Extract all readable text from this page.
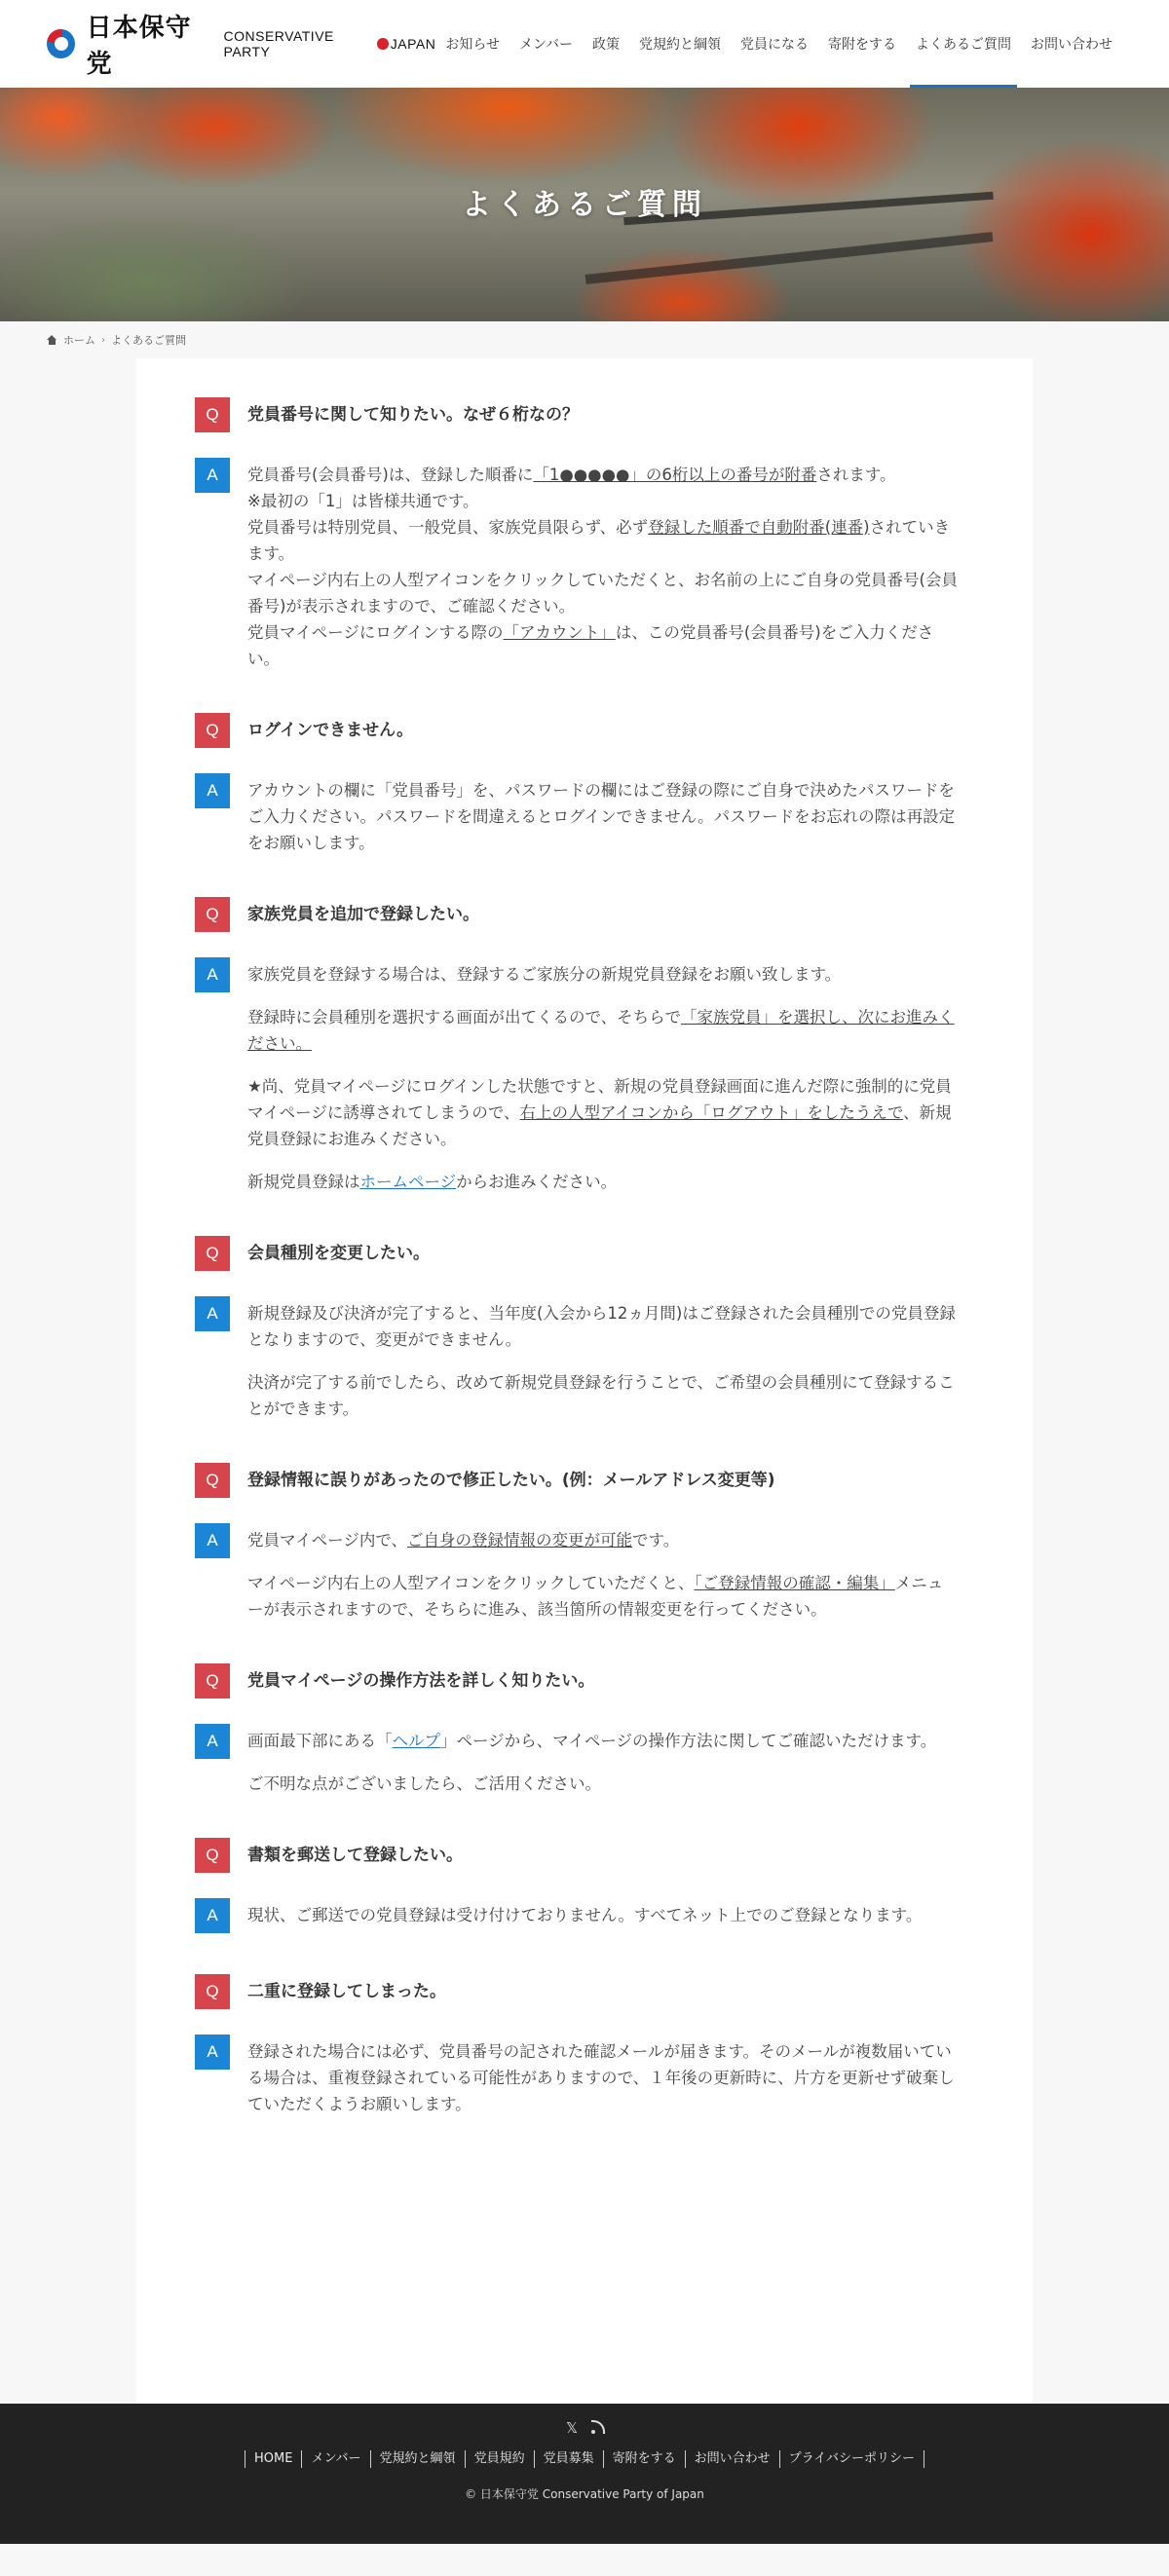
日本保守党
CONSERVATIVE PARTY	JAPAN お知らせ	メンバー	政策	党規約と綱領	党員になる	寄附をする	よくあるご質問	お問い合わせ
よくあるご質問
ホーム › よくあるご質問
Q	党員番号に関して知りたい。なぜ６桁なの？
A	党員番号(会員番号)は、登録した順番に「1●●●●●」の6桁以上の番号が附番されます。

※最初の「1」は皆様共通です。

党員番号は特別党員、一般党員、家族党員限らず、必ず登録した順番で自動附番(連番)されていきます。

マイページ内右上の人型アイコンをクリックしていただくと、お名前の上にご自身の党員番号(会員番号)が表示されますので、ご確認ください。

党員マイページにログインする際の「アカウント」は、この党員番号(会員番号)をご入力ください。

Q	ログインできません。
A	アカウントの欄に「党員番号」を、パスワードの欄にはご登録の際にご自身で決めたパスワードをご入力ください。パスワードを間違えるとログインできません。パスワードをお忘れの際は再設定をお願いします。

Q	家族党員を追加で登録したい。
A	家族党員を登録する場合は、登録するご家族分の新規党員登録をお願い致します。

登録時に会員種別を選択する画面が出てくるので、そちらで「家族党員」を選択し、次にお進みください。

★尚、党員マイページにログインした状態ですと、新規の党員登録画面に進んだ際に強制的に党員マイページに誘導されてしまうので、右上の人型アイコンから「ログアウト」をしたうえで、新規党員登録にお進みください。

新規党員登録はホームページからお進みください。

Q	会員種別を変更したい。
A	新規登録及び決済が完了すると、当年度(入会から12ヵ月間)はご登録された会員種別での党員登録となりますので、変更ができません。

決済が完了する前でしたら、改めて新規党員登録を行うことで、ご希望の会員種別にて登録することができます。

Q	登録情報に誤りがあったので修正したい。(例：メールアドレス変更等)
A	党員マイページ内で、ご自身の登録情報の変更が可能です。

マイページ内右上の人型アイコンをクリックしていただくと、「ご登録情報の確認・編集」メニューが表示されますので、そちらに進み、該当箇所の情報変更を行ってください。

Q	党員マイページの操作方法を詳しく知りたい。
A	画面最下部にある「ヘルプ」ページから、マイページの操作方法に関してご確認いただけます。

ご不明な点がございましたら、ご活用ください。

Q	書類を郵送して登録したい。
A	現状、ご郵送での党員登録は受け付けておりません。すべてネット上でのご登録となります。

Q	二重に登録してしまった。
A	登録された場合には必ず、党員番号の記された確認メールが届きます。そのメールが複数届いている場合は、重複登録されている可能性がありますので、１年後の更新時に、片方を更新せず破棄していただくようお願いします。

𝕏
HOME	メンバー	党規約と綱領	党員規約	党員募集	寄附をする	お問い合わせ	プライバシーポリシー
© 日本保守党 Conservative Party of Japan
